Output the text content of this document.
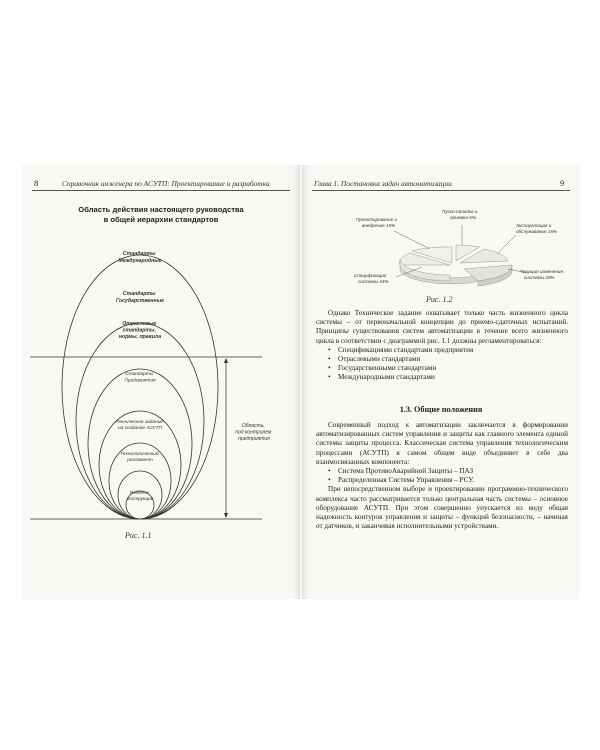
8	Справочник инженера по АСУТП: Проектирование и разработка
Область действия настоящего руководства
в общей иерархии стандартов
Стандарты Международные
Стандарты Государственные
Отраслевые стандарты, нормы, правила
Стандарты Предприятия
Техническое задание на создание АСУТП
Технологический регламент
Рабочие инструкции
Область, под контролем предприятия
Рис. 1.1
Глава 1. Постановка задач автоматизации	9
Пуско-наладка и приемка 6%
Проектирование и внедрение 15%	Эксплуатация и обслуживание 15%
Спецификация системы 44%
Текущие изменения системы 20%
Рис. 1.2

Однако Техническое задание охватывает только часть жизненного цикла системы – от первоначальной концепции до приемо-сдаточных испытаний. Принципы существования систем автоматизации в течение всего жизненного цикла в соответствии с диаграммой рис. 1.1 должны регламентироваться:

• Спецификациями стандартами предприятия
• Отраслевыми стандартами
• Государственными стандартами
• Международными стандартами
1.3. Общие положения

Современный подход к автоматизации заключается в формировании автоматизированных систем управления и защиты как главного элемента единой системы защиты процесса. Классическая система управления технологическим процессами (АСУТП) в самом общем виде объединяет в себе два взаимосвязанных компонента:

• Система ПротивоАварийной Защиты – ПАЗ
• Распределенная Система Управления – РСУ.

При непосредственном выборе и проектировании программно-технического комплекса часто рассматривается только центральная часть системы – основное оборудование АСУТП. При этом совершенно упускается из виду общая надежность контуров управления и защиты – функций безопасности, – начиная от датчиков, и заканчивая исполнительными устройствами.
